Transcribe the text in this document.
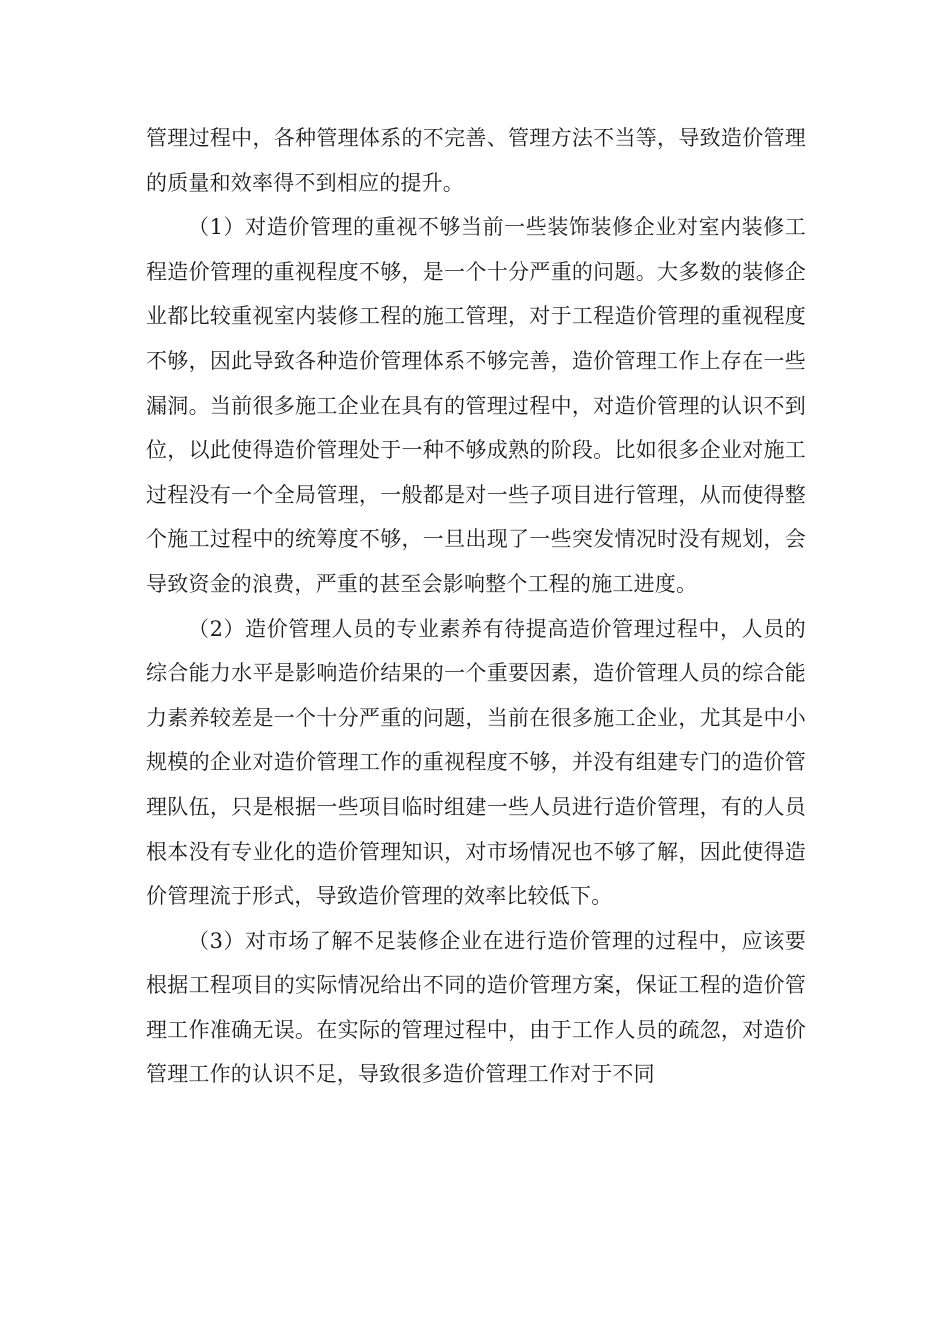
管理过程中，各种管理体系的不完善、管理方法不当等，导致造价管理的质量和效率得不到相应的提升。

（1）对造价管理的重视不够当前一些装饰装修企业对室内装修工程造价管理的重视程度不够，是一个十分严重的问题。大多数的装修企业都比较重视室内装修工程的施工管理，对于工程造价管理的重视程度不够，因此导致各种造价管理体系不够完善，造价管理工作上存在一些漏洞。当前很多施工企业在具有的管理过程中，对造价管理的认识不到位，以此使得造价管理处于一种不够成熟的阶段。比如很多企业对施工过程没有一个全局管理，一般都是对一些子项目进行管理，从而使得整个施工过程中的统筹度不够，一旦出现了一些突发情况时没有规划，会导致资金的浪费，严重的甚至会影响整个工程的施工进度。

（2）造价管理人员的专业素养有待提高造价管理过程中，人员的综合能力水平是影响造价结果的一个重要因素，造价管理人员的综合能力素养较差是一个十分严重的问题，当前在很多施工企业，尤其是中小规模的企业对造价管理工作的重视程度不够，并没有组建专门的造价管理队伍，只是根据一些项目临时组建一些人员进行造价管理，有的人员根本没有专业化的造价管理知识，对市场情况也不够了解，因此使得造价管理流于形式，导致造价管理的效率比较低下。

（3）对市场了解不足装修企业在进行造价管理的过程中，应该要根据工程项目的实际情况给出不同的造价管理方案，保证工程的造价管理工作准确无误。在实际的管理过程中，由于工作人员的疏忽，对造价管理工作的认识不足，导致很多造价管理工作对于不同
